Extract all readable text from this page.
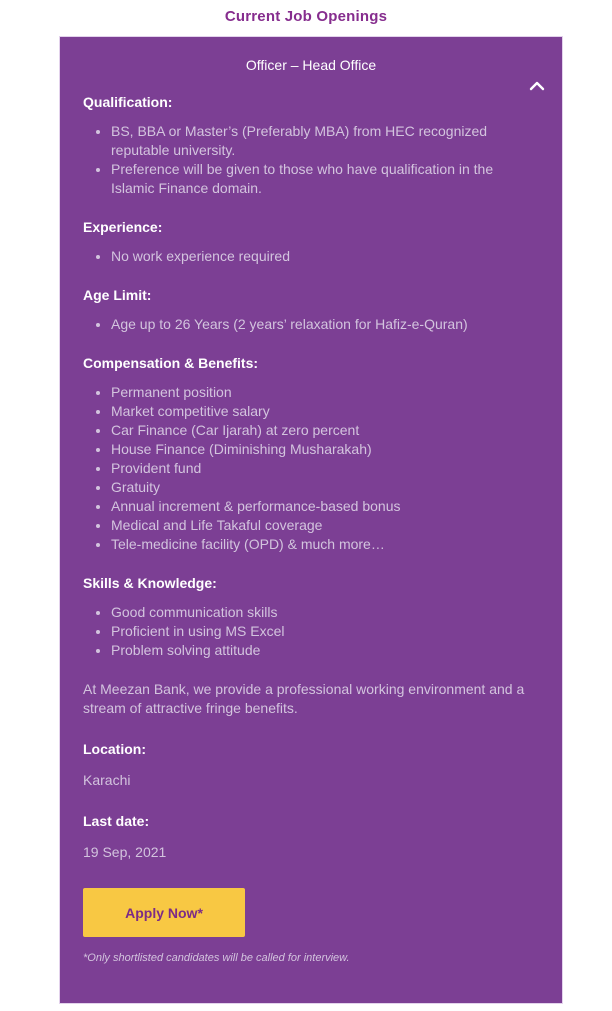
Current Job Openings
Officer – Head Office

Qualification:

• BS, BBA or Master’s (Preferably MBA) from HEC recognized reputable university.
• Preference will be given to those who have qualification in the Islamic Finance domain.

Experience:

• No work experience required

Age Limit:

• Age up to 26 Years (2 years’ relaxation for Hafiz-e-Quran)

Compensation & Benefits:

• Permanent position
• Market competitive salary
• Car Finance (Car Ijarah) at zero percent
• House Finance (Diminishing Musharakah)
• Provident fund
• Gratuity
• Annual increment & performance-based bonus
• Medical and Life Takaful coverage
• Tele-medicine facility (OPD) & much more…

Skills & Knowledge:

• Good communication skills
• Proficient in using MS Excel
• Problem solving attitude

At Meezan Bank, we provide a professional working environment and a stream of attractive fringe benefits.

Location:

Karachi

Last date:

19 Sep, 2021

Apply Now*

*Only shortlisted candidates will be called for interview.
